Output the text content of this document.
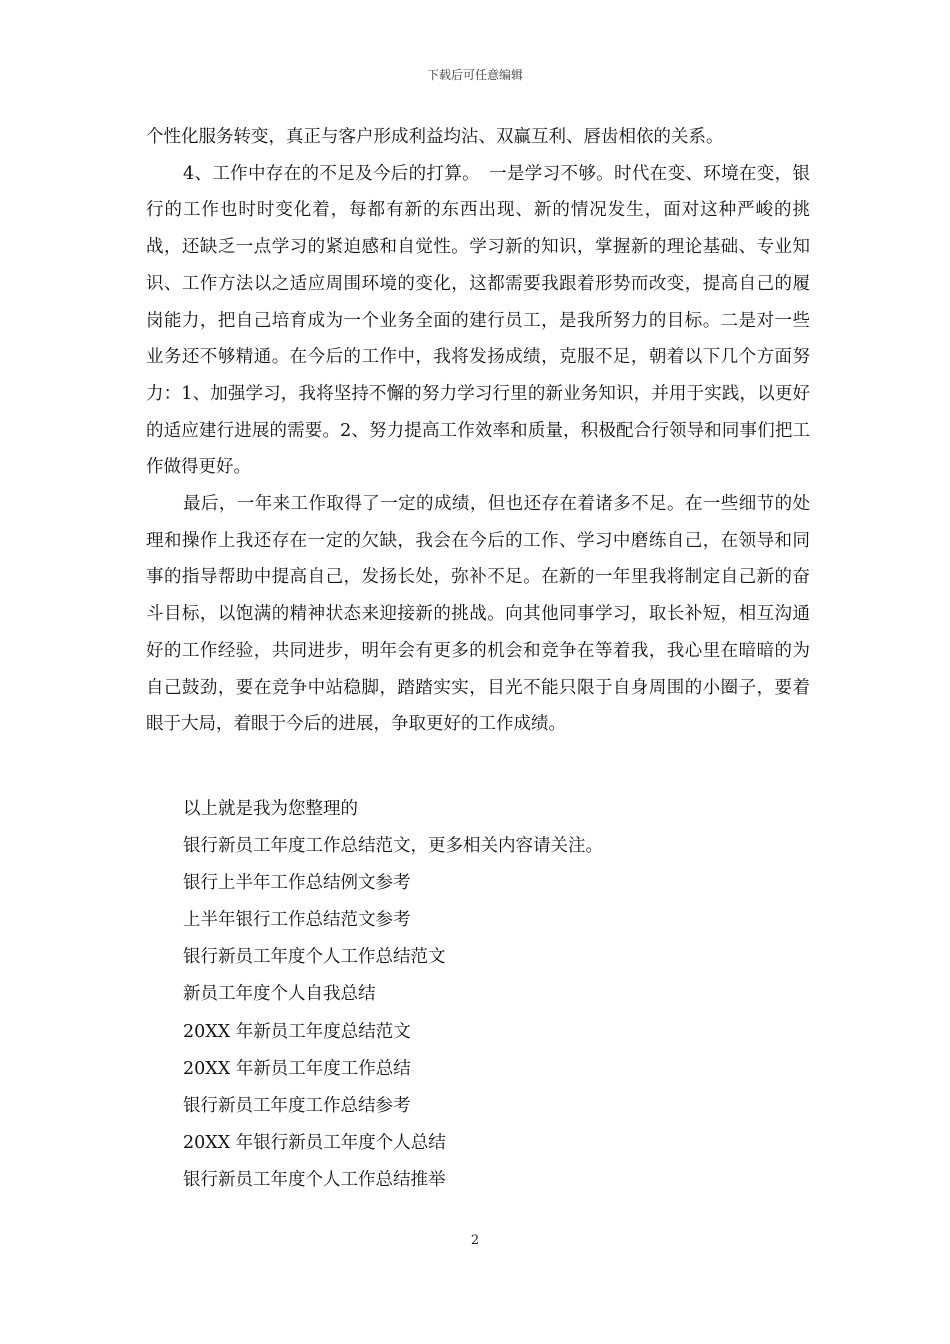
下载后可任意编辑

个性化服务转变，真正与客户形成利益均沾、双赢互利、唇齿相依的关系。

4、工作中存在的不足及今后的打算。　一是学习不够。时代在变、环境在变，银行的工作也时时变化着，每都有新的东西出现、新的情况发生，面对这种严峻的挑战，还缺乏一点学习的紧迫感和自觉性。学习新的知识，掌握新的理论基础、专业知识、工作方法以之适应周围环境的变化，这都需要我跟着形势而改变，提高自己的履岗能力，把自己培育成为一个业务全面的建行员工，是我所努力的目标。二是对一些业务还不够精通。在今后的工作中，我将发扬成绩，克服不足，朝着以下几个方面努力：1、加强学习，我将坚持不懈的努力学习行里的新业务知识，并用于实践，以更好的适应建行进展的需要。2、努力提高工作效率和质量，积极配合行领导和同事们把工作做得更好。

最后，一年来工作取得了一定的成绩，但也还存在着诸多不足。在一些细节的处理和操作上我还存在一定的欠缺，我会在今后的工作、学习中磨练自己，在领导和同事的指导帮助中提高自己，发扬长处，弥补不足。在新的一年里我将制定自己新的奋斗目标，以饱满的精神状态来迎接新的挑战。向其他同事学习，取长补短，相互沟通好的工作经验，共同进步，明年会有更多的机会和竞争在等着我，我心里在暗暗的为自己鼓劲，要在竞争中站稳脚，踏踏实实，目光不能只限于自身周围的小圈子，要着眼于大局，着眼于今后的进展，争取更好的工作成绩。

以上就是我为您整理的

银行新员工年度工作总结范文，更多相关内容请关注。

银行上半年工作总结例文参考

上半年银行工作总结范文参考

银行新员工年度个人工作总结范文

新员工年度个人自我总结

20XX 年新员工年度总结范文

20XX 年新员工年度工作总结

银行新员工年度工作总结参考

20XX 年银行新员工年度个人总结

银行新员工年度个人工作总结推举

2
